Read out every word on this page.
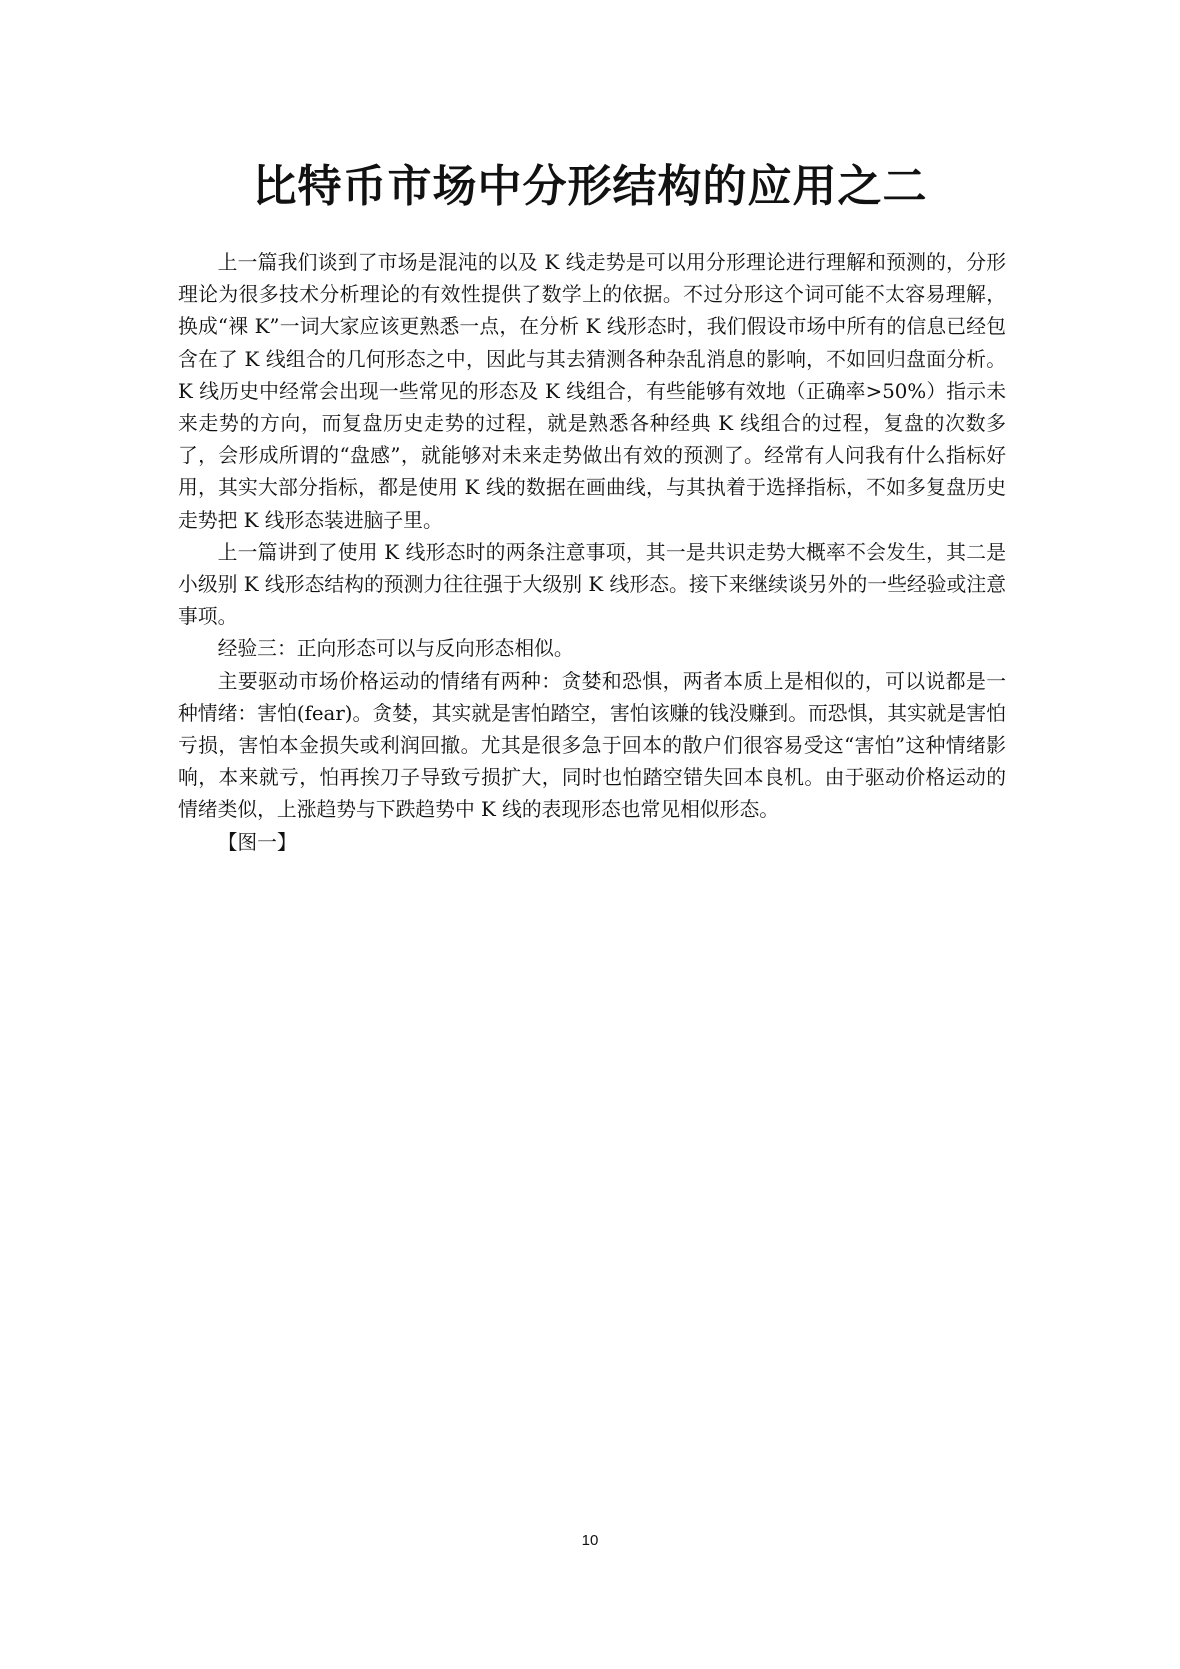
比特币市场中分形结构的应用之二

上一篇我们谈到了市场是混沌的以及 K 线走势是可以用分形理论进行理解和预测的，分形理论为很多技术分析理论的有效性提供了数学上的依据。不过分形这个词可能不太容易理解，换成“裸 K”一词大家应该更熟悉一点，在分析 K 线形态时，我们假设市场中所有的信息已经包含在了 K 线组合的几何形态之中，因此与其去猜测各种杂乱消息的影响，不如回归盘面分析。K 线历史中经常会出现一些常见的形态及 K 线组合，有些能够有效地（正确率>50%）指示未来走势的方向，而复盘历史走势的过程，就是熟悉各种经典 K 线组合的过程，复盘的次数多了，会形成所谓的“盘感”，就能够对未来走势做出有效的预测了。经常有人问我有什么指标好用，其实大部分指标，都是使用 K 线的数据在画曲线，与其执着于选择指标，不如多复盘历史走势把 K 线形态装进脑子里。

上一篇讲到了使用 K 线形态时的两条注意事项，其一是共识走势大概率不会发生，其二是小级别 K 线形态结构的预测力往往强于大级别 K 线形态。接下来继续谈另外的一些经验或注意事项。

经验三：正向形态可以与反向形态相似。

主要驱动市场价格运动的情绪有两种：贪婪和恐惧，两者本质上是相似的，可以说都是一种情绪：害怕(fear)。贪婪，其实就是害怕踏空，害怕该赚的钱没赚到。而恐惧，其实就是害怕亏损，害怕本金损失或利润回撤。尤其是很多急于回本的散户们很容易受这“害怕”这种情绪影响，本来就亏，怕再挨刀子导致亏损扩大，同时也怕踏空错失回本良机。由于驱动价格运动的情绪类似，上涨趋势与下跌趋势中 K 线的表现形态也常见相似形态。

【图一】

10
